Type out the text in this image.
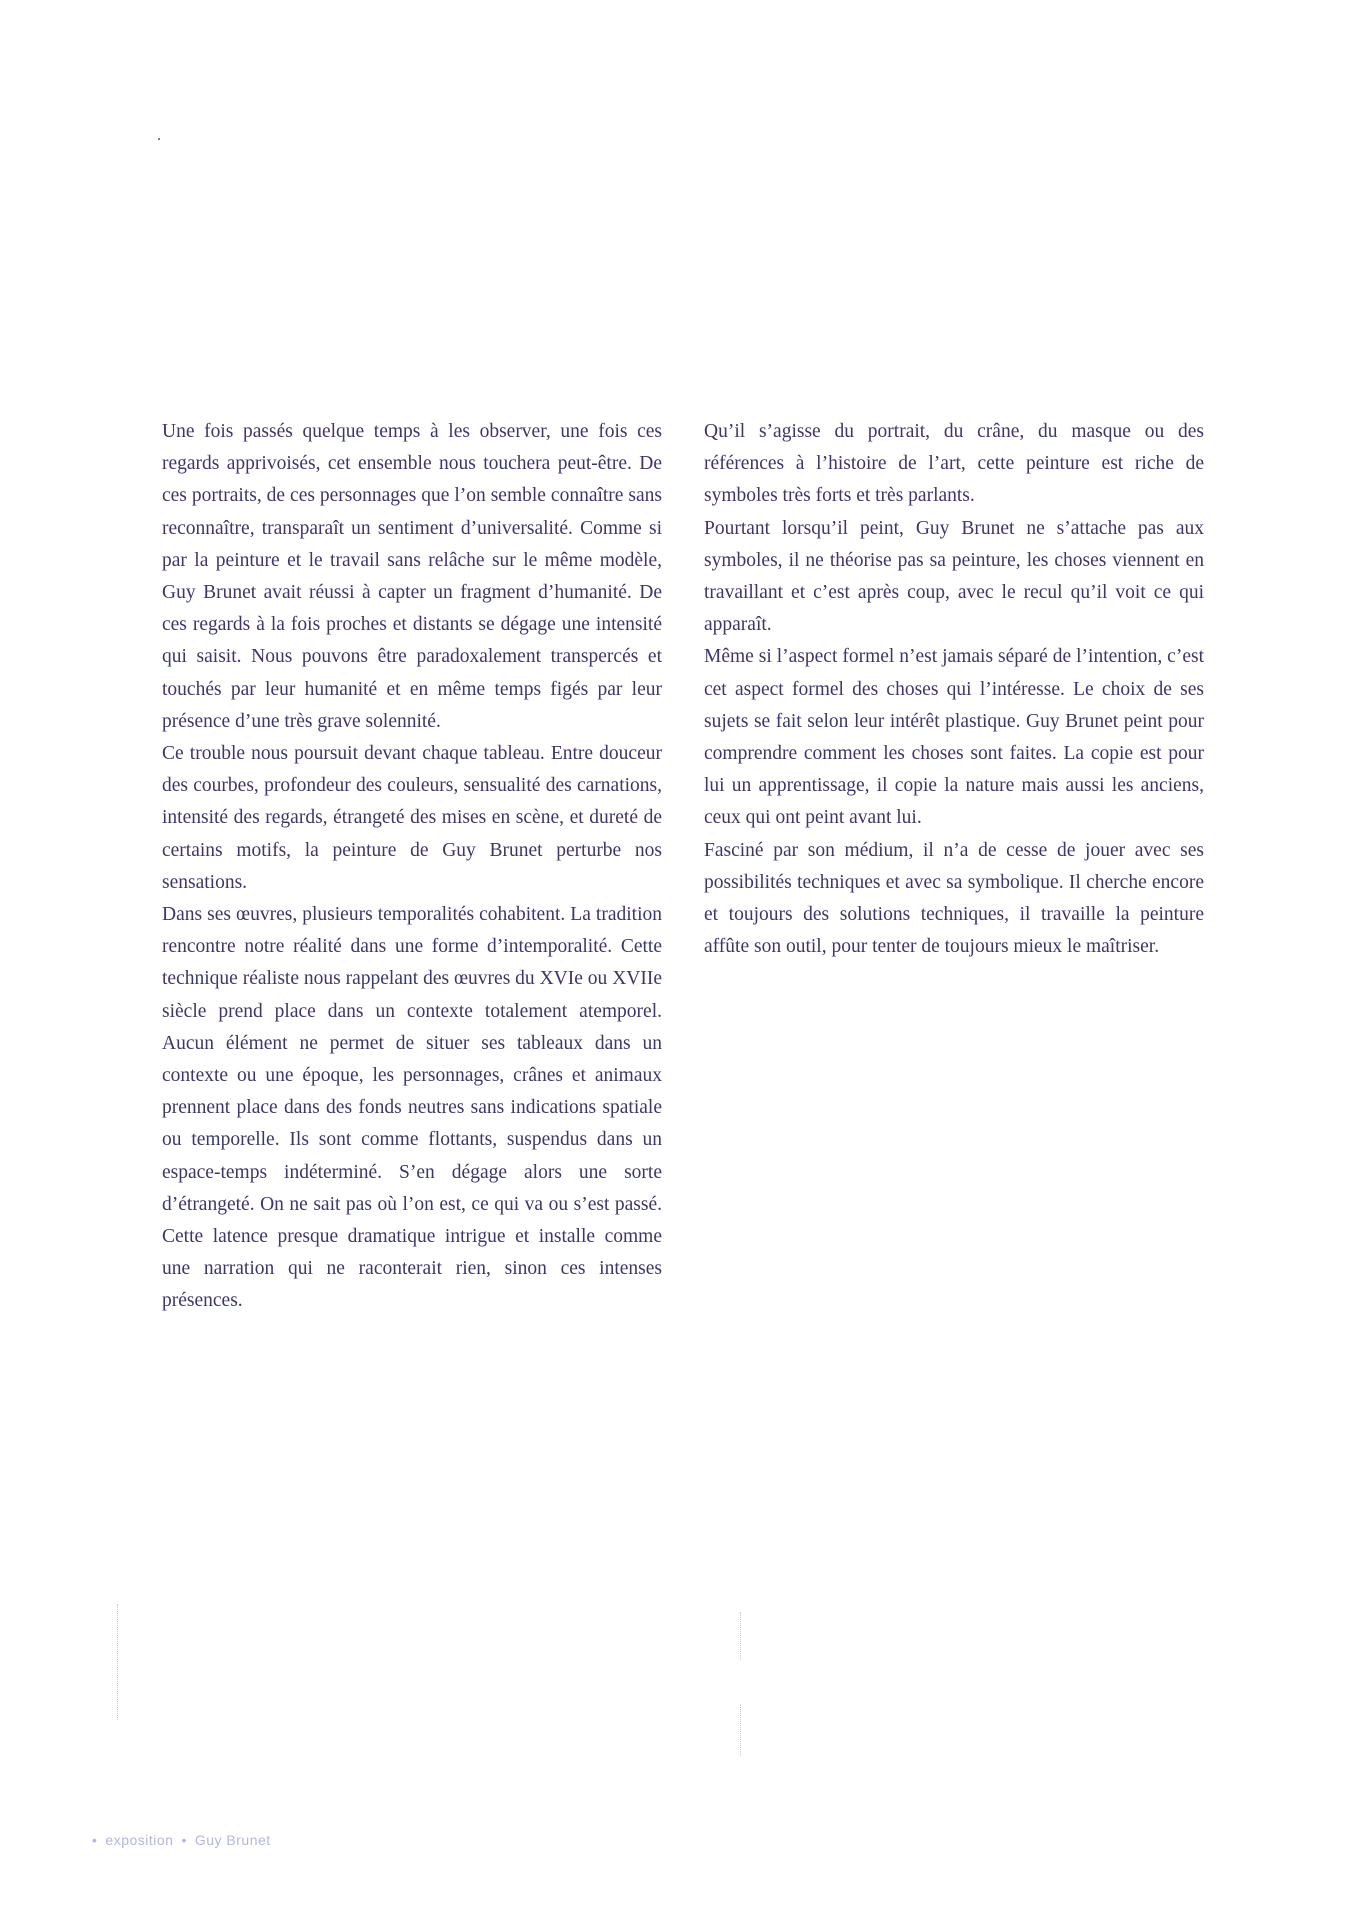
Une fois passés quelque temps à les observer, une fois ces regards apprivoisés, cet ensemble nous touchera peut-être. De ces portraits, de ces personnages que l’on semble connaître sans reconnaître, transparaît un sentiment d’universalité. Comme si par la peinture et le travail sans relâche sur le même modèle, Guy Brunet avait réussi à capter un fragment d’humanité. De ces regards à la fois proches et distants se dégage une intensité qui saisit. Nous pouvons être paradoxalement transpercés et touchés par leur humanité et en même temps figés par leur présence d’une très grave solennité.

Ce trouble nous poursuit devant chaque tableau. Entre douceur des courbes, profondeur des couleurs, sensualité des carnations, intensité des regards, étrangeté des mises en scène, et dureté de certains motifs, la peinture de Guy Brunet perturbe nos sensations.

Dans ses œuvres, plusieurs temporalités cohabitent. La tradition rencontre notre réalité dans une forme d’intemporalité. Cette technique réaliste nous rappelant des œuvres du XVIe ou XVIIe siècle prend place dans un contexte totalement atemporel. Aucun élément ne permet de situer ses tableaux dans un contexte ou une époque, les personnages, crânes et animaux prennent place dans des fonds neutres sans indications spatiale ou temporelle. Ils sont comme flottants, suspendus dans un espace-temps indéterminé. S’en dégage alors une sorte d’étrangeté. On ne sait pas où l’on est, ce qui va ou s’est passé. Cette latence presque dramatique intrigue et installe comme une narration qui ne raconterait rien, sinon ces intenses présences.

Qu’il s’agisse du portrait, du crâne, du masque ou des références à l’histoire de l’art, cette peinture est riche de symboles très forts et très parlants.

Pourtant lorsqu’il peint, Guy Brunet ne s’attache pas aux symboles, il ne théorise pas sa peinture, les choses viennent en travaillant et c’est après coup, avec le recul qu’il voit ce qui apparaît.

Même si l’aspect formel n’est jamais séparé de l’intention, c’est cet aspect formel des choses qui l’intéresse. Le choix de ses sujets se fait selon leur intérêt plastique. Guy Brunet peint pour comprendre comment les choses sont faites. La copie est pour lui un apprentissage, il copie la nature mais aussi les anciens, ceux qui ont peint avant lui.

Fasciné par son médium, il n’a de cesse de jouer avec ses possibilités techniques et avec sa symbolique. Il cherche encore et toujours des solutions techniques, il travaille la peinture affûte son outil, pour tenter de toujours mieux le maîtriser.

• exposition • Guy Brunet
